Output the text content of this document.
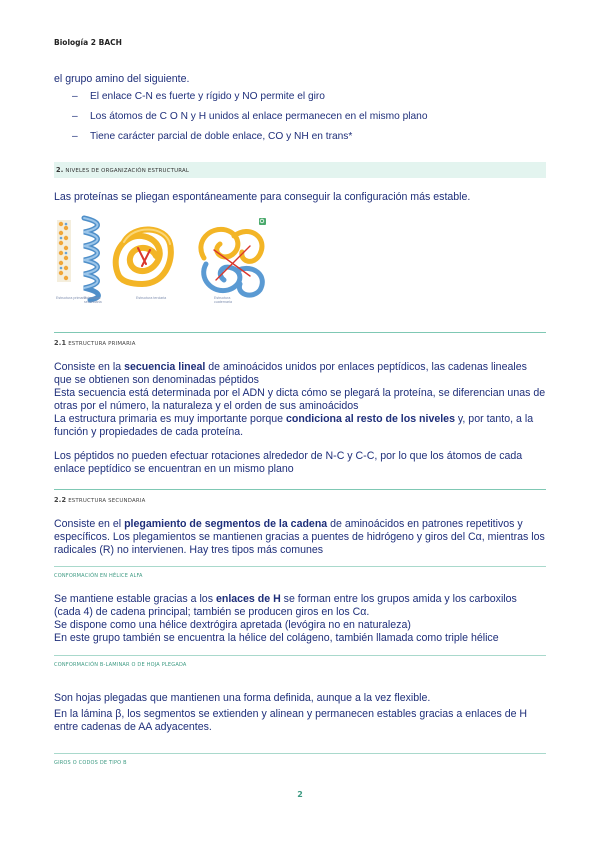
Biología 2 BACH
el grupo amino del siguiente.
– El enlace C-N es fuerte y rígido y NO permite el giro
– Los átomos de C O N y H unidos al enlace permanecen en el mismo plano
– Tiene carácter parcial de doble enlace, CO y NH en trans*
2. NIVELES DE ORGANIZACIÓN ESTRUCTURAL
Las proteínas se pliegan espontáneamente para conseguir la configuración más estable.
Estructura primaria
Estructura secundaria
Estructura terciaria	Estructura cuaternaria
2.1 ESTRUCTURA PRIMARIA
Consiste en la secuencia lineal de aminoácidos unidos por enlaces peptídicos, las cadenas lineales que se obtienen son denominadas péptidos
Esta secuencia está determinada por el ADN y dicta cómo se plegará la proteína, se diferencian unas de otras por el número, la naturaleza y el orden de sus aminoácidos
La estructura primaria es muy importante porque condiciona al resto de los niveles y, por tanto, a la función y propiedades de cada proteína.
Los péptidos no pueden efectuar rotaciones alrededor de N-C y C-C, por lo que los átomos de cada enlace peptídico se encuentran en un mismo plano
2.2 ESTRUCTURA SECUNDARIA
Consiste en el plegamiento de segmentos de la cadena de aminoácidos en patrones repetitivos y específicos. Los plegamientos se mantienen gracias a puentes de hidrógeno y giros del Cα, mientras los radicales (R) no intervienen. Hay tres tipos más comunes
CONFORMACIÓN EN HÉLICE ALFA
Se mantiene estable gracias a los enlaces de H se forman entre los grupos amida y los carboxilos (cada 4) de cadena principal; también se producen giros en los Cα.
Se dispone como una hélice dextrógira apretada (levógira no en naturaleza)
En este grupo también se encuentra la hélice del colágeno, también llamada como triple hélice
CONFORMACIÓN Β-LAMINAR O DE HOJA PLEGADA
Son hojas plegadas que mantienen una forma definida, aunque a la vez flexible.
En la lámina β, los segmentos se extienden y alinean y permanecen estables gracias a enlaces de H entre cadenas de AA adyacentes.
GIROS O CODOS DE TIPO Β
2
